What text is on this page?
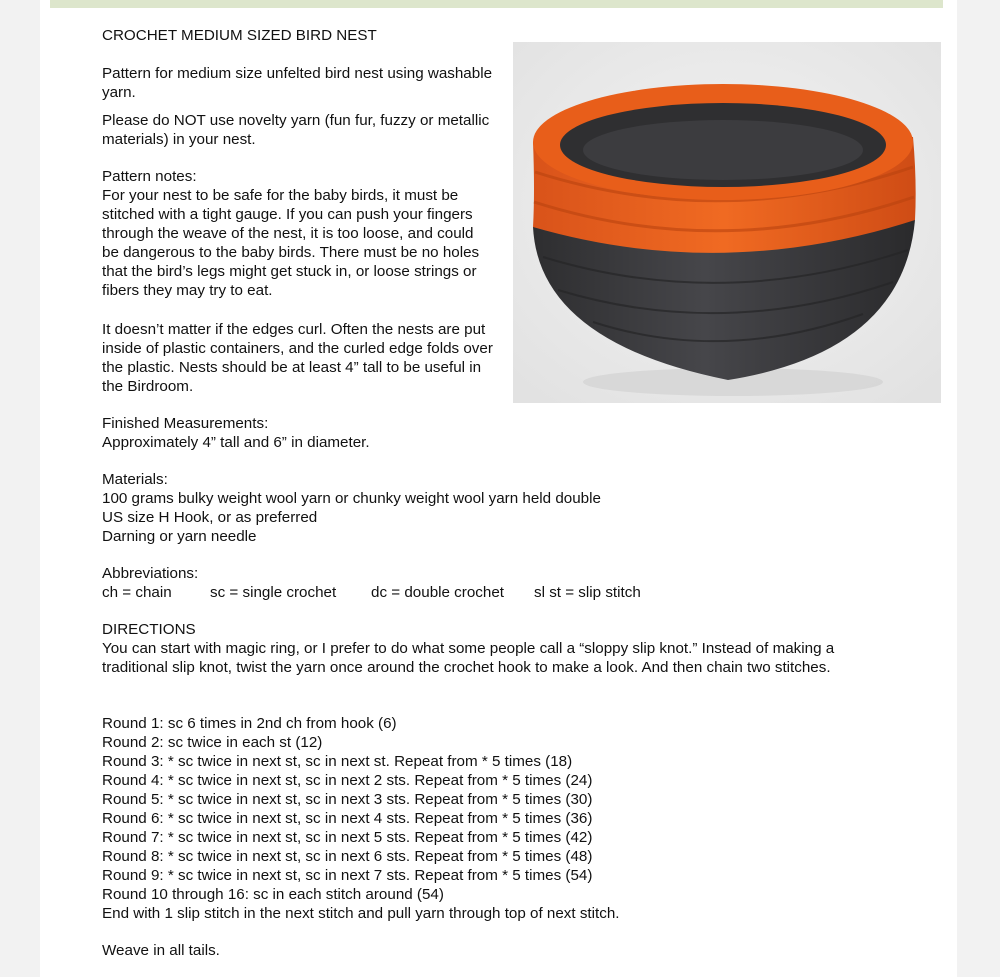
CROCHET MEDIUM SIZED BIRD NEST

Pattern for medium size unfelted bird nest using washable yarn.

Please do NOT use novelty yarn (fun fur, fuzzy or metallic materials) in your nest.

Pattern notes:

For your nest to be safe for the baby birds, it must be stitched with a tight gauge. If you can push your fingers through the weave of the nest, it is too loose, and could be dangerous to the baby birds. There must be no holes that the bird’s legs might get stuck in, or loose strings or fibers they may try to eat.

It doesn’t matter if the edges curl. Often the nests are put inside of plastic containers, and the curled edge folds over the plastic. Nests should be at least 4” tall to be useful in the Birdroom.

Finished Measurements:

Approximately 4” tall and 6” in diameter.

Materials:

100 grams bulky weight wool yarn or chunky weight wool yarn held double

US size H Hook, or as preferred

Darning or yarn needle

Abbreviations:

ch = chain	sc = single crochet dc = double crochet sl st = slip stitch

DIRECTIONS

You can start with magic ring, or I prefer to do what some people call a “sloppy slip knot.” Instead of making a traditional slip knot, twist the yarn once around the crochet hook to make a look. And then chain two stitches.

Round 1: sc 6 times in 2nd ch from hook (6)

Round 2: sc twice in each st (12)

Round 3: * sc twice in next st, sc in next st. Repeat from * 5 times (18)

Round 4: * sc twice in next st, sc in next 2 sts. Repeat from * 5 times (24)

Round 5: * sc twice in next st, sc in next 3 sts. Repeat from * 5 times (30)

Round 6: * sc twice in next st, sc in next 4 sts. Repeat from * 5 times (36)

Round 7: * sc twice in next st, sc in next 5 sts. Repeat from * 5 times (42)

Round 8: * sc twice in next st, sc in next 6 sts. Repeat from * 5 times (48)

Round 9: * sc twice in next st, sc in next 7 sts. Repeat from * 5 times (54)

Round 10 through 16: sc in each stitch around (54)

End with 1 slip stitch in the next stitch and pull yarn through top of next stitch.

Weave in all tails.
